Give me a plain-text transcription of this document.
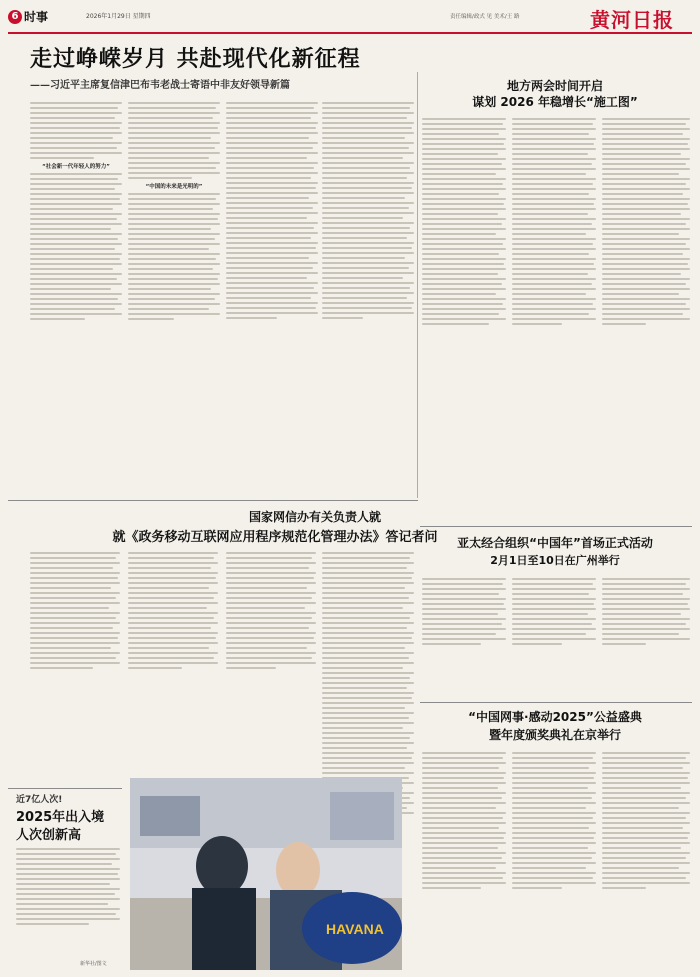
6 时事	2026年1月29日 星期四	责任编辑/政式 见 美术/王 路	黄河日报
走过峥嵘岁月 共赴现代化新征程
——习近平主席复信津巴布韦老战士寄语中非友好领导新篇
“社会新一代年轻人的努力”
“中国的未来是光明的”
地方两会时间开启
谋划 2026 年稳增长“施工图”
国家网信办有关负责人就
就《政务移动互联网应用程序规范化管理办法》答记者问
近7亿人次!
2025年出入境
人次创新高
新华社/图文
HAVANA
亚太经合组织“中国年”首场正式活动
2月1日至10日在广州举行
“中国网事·感动2025”公益盛典
暨年度颁奖典礼在京举行
